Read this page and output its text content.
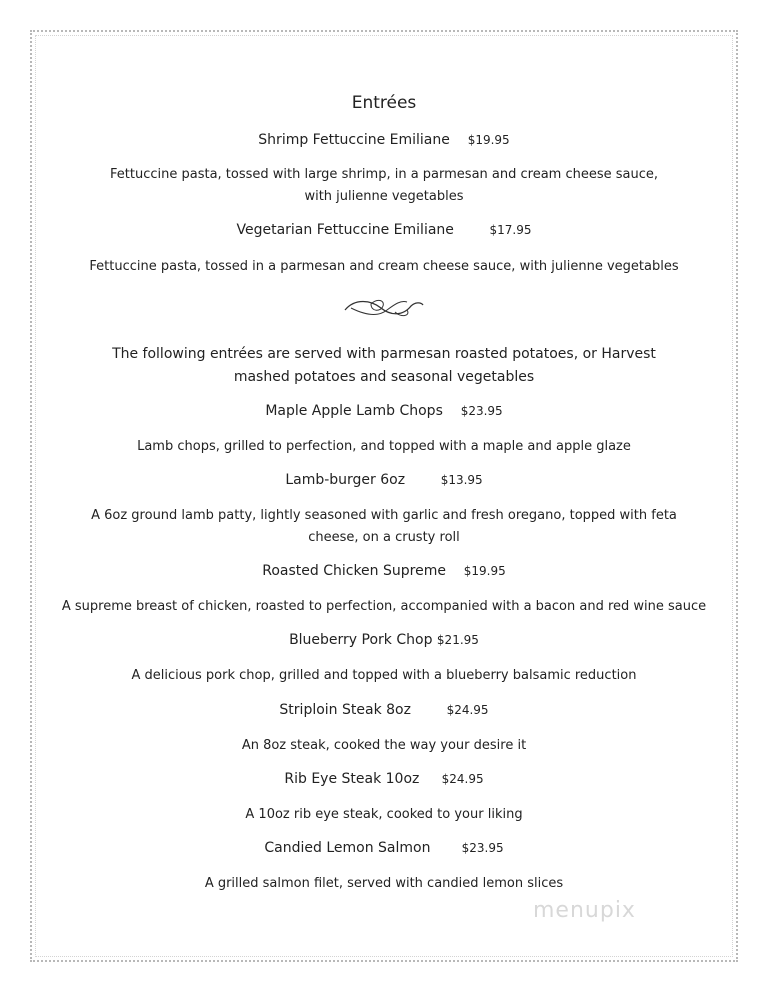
Entrées
Shrimp Fettuccine Emiliane $19.95
Fettuccine pasta, tossed with large shrimp, in a parmesan and cream cheese sauce, with julienne vegetables
Vegetarian Fettuccine Emiliane	$17.95
Fettuccine pasta, tossed in a parmesan and cream cheese sauce, with julienne vegetables
The following entrées are served with parmesan roasted potatoes, or Harvest mashed potatoes and seasonal vegetables
Maple Apple Lamb Chops $23.95
Lamb chops, grilled to perfection, and topped with a maple and apple glaze
Lamb-burger 6oz	$13.95
A 6oz ground lamb patty, lightly seasoned with garlic and fresh oregano, topped with feta cheese, on a crusty roll
Roasted Chicken Supreme $19.95
A supreme breast of chicken, roasted to perfection, accompanied with a bacon and red wine sauce
Blueberry Pork Chop $21.95
A delicious pork chop, grilled and topped with a blueberry balsamic reduction
Striploin Steak 8oz	$24.95
An 8oz steak, cooked the way your desire it
Rib Eye Steak 10oz $24.95
A 10oz rib eye steak, cooked to your liking
Candied Lemon Salmon	$23.95
A grilled salmon filet, served with candied lemon slices
menupix
